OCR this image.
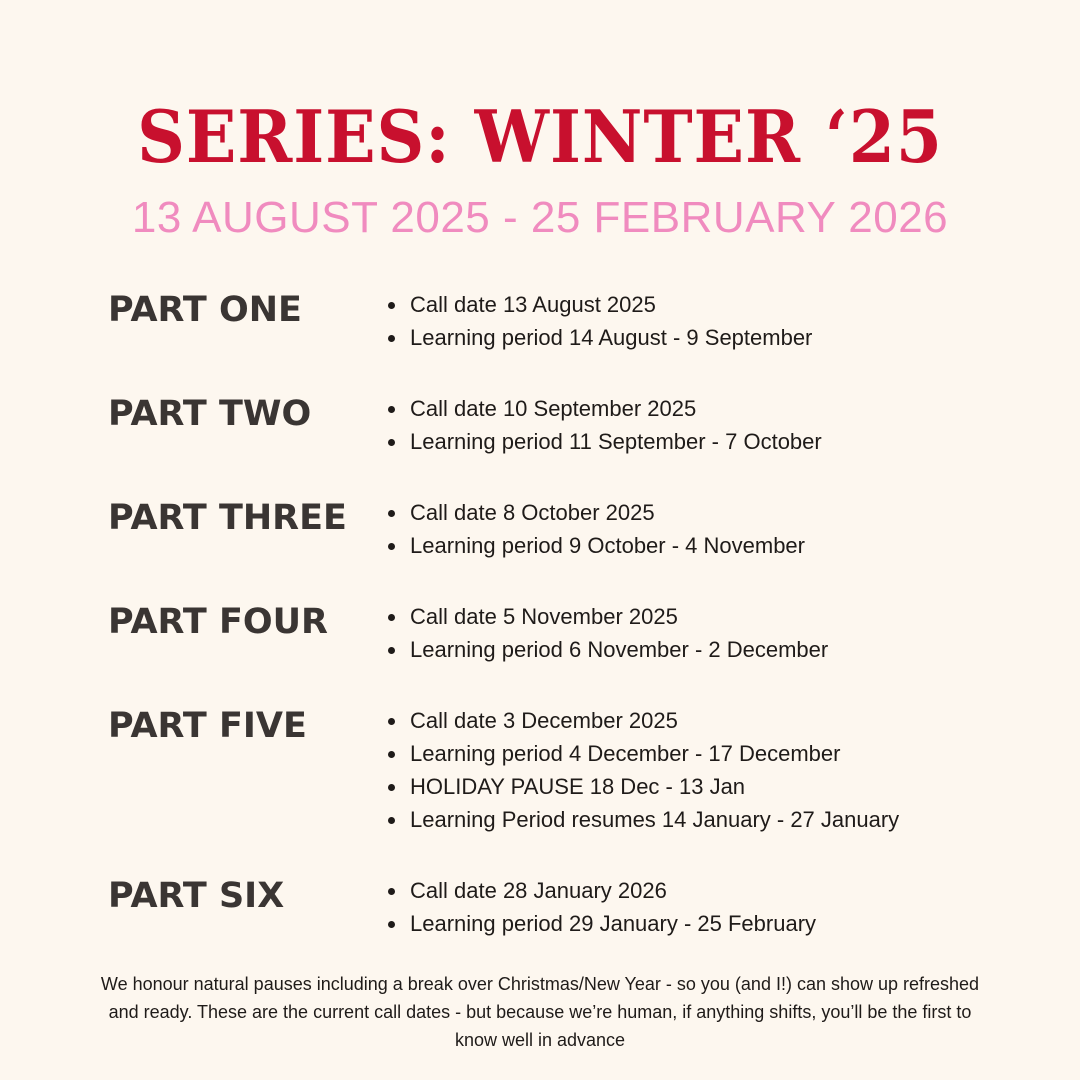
SERIES: WINTER ‘25
13 AUGUST 2025 - 25 FEBRUARY 2026
PART ONE	Call date 13 August 2025
Learning period 14 August - 9 September
PART TWO	Call date 10 September 2025
Learning period 11 September - 7 October
PART THREE	Call date 8 October 2025
Learning period 9 October - 4 November
PART FOUR	Call date 5 November 2025
Learning period 6 November - 2 December
PART FIVE	Call date 3 December 2025
Learning period 4 December - 17 December
HOLIDAY PAUSE 18 Dec - 13 Jan
Learning Period resumes 14 January - 27 January
PART SIX	Call date 28 January 2026
Learning period 29 January - 25 February
We honour natural pauses including a break over Christmas/New Year - so you (and I!) can show up refreshed and ready. These are the current call dates - but because we’re human, if anything shifts, you’ll be the first to know well in advance
